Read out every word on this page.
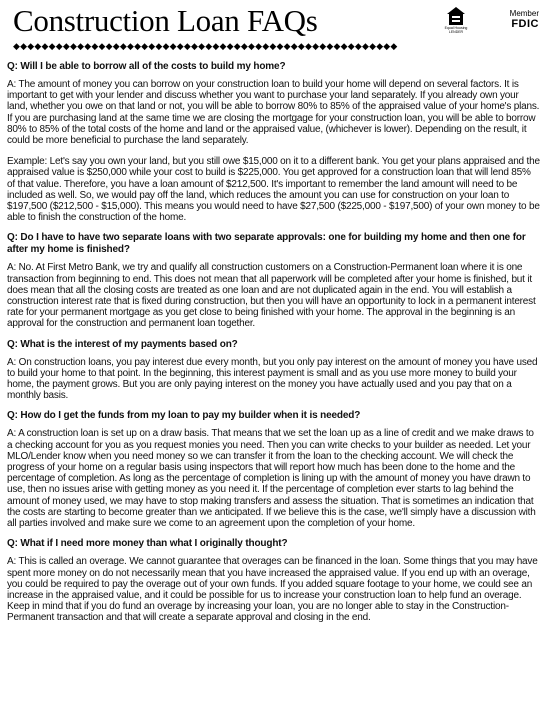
Construction Loan FAQs	Equal Housing LENDER
Member
FDIC
◆◆◆◆◆◆◆◆◆◆◆◆◆◆◆◆◆◆◆◆◆◆◆◆◆◆◆◆◆◆◆◆◆◆◆◆◆◆◆◆◆◆◆◆◆◆◆◆◆◆◆◆◆◆
Q: Will I be able to borrow all of the costs to build my home?

A: The amount of money you can borrow on your construction loan to build your home will depend on several factors. It is important to get with your lender and discuss whether you want to purchase your land separately. If you already own your land, whether you owe on that land or not, you will be able to borrow 80% to 85% of the appraised value of your home's plans. If you are purchasing land at the same time we are closing the mortgage for your construction loan, you will be able to borrow 80% to 85% of the total costs of the home and land or the appraised value, (whichever is lower). Depending on the result, it could be more beneficial to purchase the land separately.

Example: Let's say you own your land, but you still owe $15,000 on it to a different bank. You get your plans appraised and the appraised value is $250,000 while your cost to build is $225,000. You get approved for a construction loan that will lend 85% of that value. Therefore, you have a loan amount of $212,500. It's important to remember the land amount will need to be included as well. So, we would pay off the land, which reduces the amount you can use for construction on your loan to $197,500 ($212,500 - $15,000). This means you would need to have $27,500 ($225,000 - $197,500) of your own money to be able to finish the construction of the home.

Q: Do I have to have two separate loans with two separate approvals: one for building my home and then one for after my home is finished?

A: No. At First Metro Bank, we try and qualify all construction customers on a Construction-Permanent loan where it is one transaction from beginning to end. This does not mean that all paperwork will be completed after your home is finished, but it does mean that all the closing costs are treated as one loan and are not duplicated again in the end. You will establish a construction interest rate that is fixed during construction, but then you will have an opportunity to lock in a permanent interest rate for your permanent mortgage as you get close to being finished with your home. The approval in the beginning is an approval for the construction and permanent loan together.

Q: What is the interest of my payments based on?

A: On construction loans, you pay interest due every month, but you only pay interest on the amount of money you have used to build your home to that point. In the beginning, this interest payment is small and as you use more money to build your home, the payment grows. But you are only paying interest on the money you have actually used and you pay that on a monthly basis.

Q: How do I get the funds from my loan to pay my builder when it is needed?

A: A construction loan is set up on a draw basis. That means that we set the loan up as a line of credit and we make draws to a checking account for you as you request monies you need. Then you can write checks to your builder as needed. Let your MLO/Lender know when you need money so we can transfer it from the loan to the checking account. We will check the progress of your home on a regular basis using inspectors that will report how much has been done to the home and the percentage of completion. As long as the percentage of completion is lining up with the amount of money you have drawn to use, then no issues arise with getting money as you need it. If the percentage of completion ever starts to lag behind the amount of money used, we may have to stop making transfers and assess the situation. That is sometimes an indication that the costs are starting to become greater than we anticipated. If we believe this is the case, we'll simply have a discussion with all parties involved and make sure we come to an agreement upon the completion of your home.

Q: What if I need more money than what I originally thought?

A: This is called an overage. We cannot guarantee that overages can be financed in the loan. Some things that you may have spent more money on do not necessarily mean that you have increased the appraised value. If you end up with an overage, you could be required to pay the overage out of your own funds. If you added square footage to your home, we could see an increase in the appraised value, and it could be possible for us to increase your construction loan to help fund an overage. Keep in mind that if you do fund an overage by increasing your loan, you are no longer able to stay in the Construction-Permanent transaction and that will create a separate approval and closing in the end.
